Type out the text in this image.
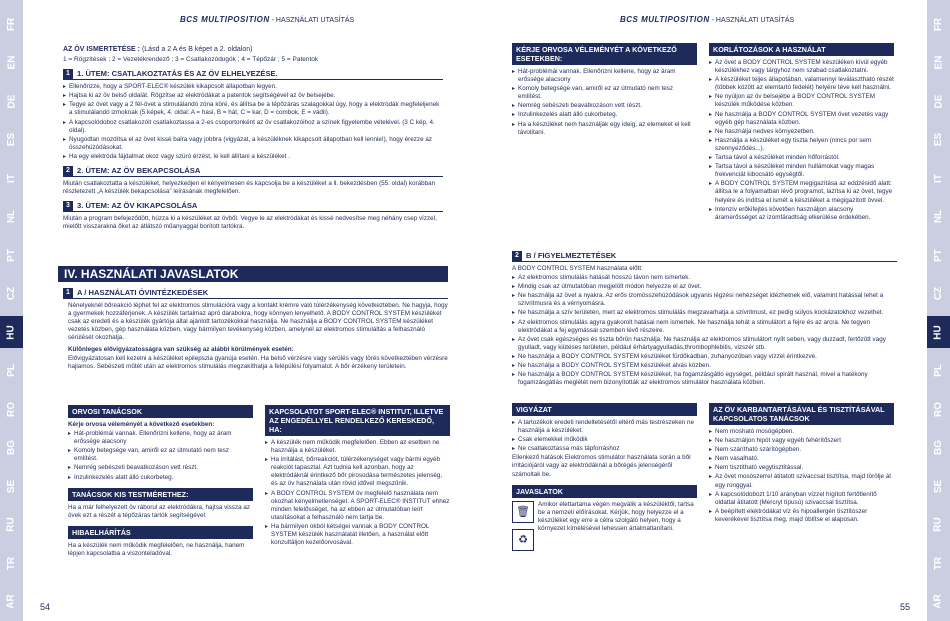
FR
EN
DE
ES
IT
NL
PT
CZ
HU
PL
RO
BG
SE
RU
TR
AR
FR
EN
DE
ES
IT
NL
PT
CZ
HU
PL
RO
BG
SE
RU
TR
AR
BCS MULTIPOSITION - HASZNÁLATI UTASÍTÁS	BCS MULTIPOSITION - HASZNÁLATI UTASÍTÁS
AZ ÖV ISMERTETÉSE : (Lásd a 2 A és B képet a 2. oldalon)
1 = Rögzítések ; 2 = Vezetékrendező ; 3 = Csatlakozódugók ; 4 = Tépőzár ; 5 = Patentok
1 1. ÜTEM: CSATLAKOZTATÁS ÉS AZ ÖV ELHELYEZÉSE.
▸ Ellenőrizze, hogy a SPORT-ELEC® készülék kikapcsolt állapotban legyen.
▸ Hajtsa ki az öv belső oldalát. Rögzítse az elektródákat a patentok segítségével az öv belsejébe.
▸ Tegye az övet vagy a 2 fél-övet a stimulálandó zóna köré, és állítsa be a tépőzáras szalagokkal úgy, hogy a elektródák megfeleljenek a stimulálandó izmoknak (5 képek, 4. oldal: A = hasi, B = hát, C = kar, D = combok, E = vádli).
▸ A kapcsolódoboz csatlakozóit csatlakoztassa a 2-es csoportonként az öv csatlakozóihoz a színek figyelembe vételével. (3 C kép, 4. oldal).
▸ Nyugodtan mozdítsa el az övet kissé balra vagy jobbra (vigyázat, a készüléknek kikapcsolt állapotban kell lennie!), hogy érezze az összehúzódásokat.
▸ Ha egy elektróda fájdalmat okoz vagy szúró érzést, le kell állítani a készüléket .
2 2. ÜTEM: AZ ÖV BEKAPCSOLÁSA

Miután csatlakoztatta a készüléket, helyezkedjen el kényelmesen és kapcsolja be a készüléket a ll. bekezdésben (55. oldal) korábban részletezett „A készülék bekapcsolása" leírásának megfelelően.

3 3. ÜTEM: AZ ÖV KIKAPCSOLÁSA

Miután a program befejeződött, húzza ki a készüléket az övből. Vegye le az elektródákat és kissé nedvesítse meg néhány csep vízzel, mielőtt visszarakná őket az átlátszó műanyaggal borított tartókra.

IV. HASZNÁLATI JAVASLATOK
1 A / HASZNÁLATI ÓVINTÉZKEDÉSEK

Nénelyeknél bőreakció léphet fel az elektromos stimulációra vagy a kontakt krémre való túlérzékenység következtében. Ne hagyja, hogy a gyermekek hozzáférjenek. A készülék tartalmaz apró darabokra, hogy könnyen lenyelhető. A BODY CONTROL SYSTEM készüléket csak az eredeti és a készülék gyártója által ajánlott tartozékokkal használja. Ne használja a BODY CONTROL SYSTEM készüléket vezetés közben, gép használata közben, vagy bármilyen tevékenység közben, amelynél az elektromos stimuláltás a felhasználó sérülését okozhatja.

Különleges elővigyázatosságra van szükség az alábbi körülmények esetén:

Elővigyázatosan kell kezelni a készüléket epilepszia gyanúja esetén. Ha belső vérzésre vagy sérülés vagy törés következtében vérzésre hajlamos. Sebészeti műtét után az elektromos stimulálás megzakíthatja a felépülési folyamatot. A bőr érzékeny területein.

ORVOSI TANÁCSOK

Kérje orvosa véleményét a következő esetekben:

▸ Hát-problémái vannak. Ellenőrizni kellene, hogy az áram erőssége alacsony
▸ Komoly betegsége van, amiről ez az útmutató nem tesz említést.
▸ Nemrég sebészeti beavatkozáson vett részt.
▸ Inzulinkezelés alatt álló cukorbeteg.
TANÁCSOK KIS TESTMÉRETHEZ:

Ha a már felhelyezett öv ráborul az elektródákra, hajtsa vissza az övek ezt a részét a tépőzáras tartók segítségével.

HIBAELHÁRÍTÁS

Ha a készülék nem működik megfelelően, ne használja, hanem lépjen kapcsolatba a viszonteladóval.

KAPCSOLATOT SPORT-ELEC® INSTITUT, ILLETVE AZ ENGEDÉLLYEL RENDELKEZŐ KERESKEDŐ, HA:
▸ A készülék nem működik megfelelően. Ebben az esetben ne használja a készüléket.
▸ Ha irritálást, bőrreakciót, túlérzékenységet vagy bármi egyéb reakciót tapasztal. Azt tudnia kell azonban, hogy az elektródáknál érintkező bőr pirosodása természetes jelenség, és az öv használata után rövid időveI megszűnik.
▸ A BODY CONTROL SYSTEM öv megfelelő használata nem okozhat kényelmetlenséget. A SPORT-ELEC® INSTITUT ehhez minden felelősséget, ha az ebben az útmutatóban leírt utasításokat a felhasználó nem tartja be.
▸ Ha bármilyen okból kétségei vannak a BODY CONTROL SYSTEM készülék használatát illetően, a használat előtt konzultáljon kezelőorvosával.
KÉRJE ORVOSA VÉLEMÉNYÉT A KÖVETKEZŐ ESETEKBEN:
▸ Hát-problémái vannak. Ellenőrizni kellene, hogy az áram erőssége alacsony
▸ Komoly betegsége van, amiről ez az útmutató nem tesz említést.
▸ Nemrég sebészeti beavatkozáson vett részt.
▸ Inzulinkezelés alatt álló cukorbeteg.
▸ Ha a készüléket nem használják egy ideig, az elemeket el kell távolítani.
KORLÁTOZÁSOK A HASZNÁLAT
▸ Az övet a BODY CONTROL SYSTEM készüléken kívül egyéb készülékhez vagy tárgyhoz nem szabad csatlakoztatni.
▸ A készüléket teljes állapotában, valamennyi leválasztható részét (többek között az elemtartó fedelét) helyére téve kell használni.
▸ Ne nyúljon az öv belsejébe a BODY CONTROL SYSTEM készülék működése közben.
▸ Ne használja a BODY CONTROL SYSTEM övet vezetés vagy egyéb gép használata közben.
▸ Ne használja nedves környezetben.
▸ Használja a készüléket egy tiszta helyen (nincs por sem szennyeződés...).
▸ Tartsa távol a készüléket minden hőforrástól.
▸ Tartsa távol a készüléket minden hullámokat vagy magas frekvenciát kibocsátó egységtől.
▸ A BODY CONTROL SYSTEM megigazítása az eddzésidő alatt: állítsa le a folyamatban lévő programot, lazítsa ki az övet, tegye helyére és indítsa el ismét a készüléket a megigazított övvel.
▸ Intenzív erőkifejtés követően használjon alacsony áramerősséget az izomfáradtság elkerülése érdekében.
2 B / FIGYELMEZTETÉSEK

A BODY CONTROL SYSTEM használata előtt:

▸ Az elektromos stimulálás hatását hosszú távon nem ismertek.
▸ Mindig csak az útmutatóban megjelölt módon helyezze el az övet.
▸ Ne használja az övet a nyakra. Az erős izomösszehúzódások ugyanis légzési nehézséget idézhetnek elő, valamint hatással lehet a szívritmusra és a vérnyomásra.
▸ Ne használja a szív területén, mert az elektromos stimulálás megzavarhatja a szívritmust, ez pedig súlyos kockázatokhoz vezethet.
▸ Az elektromos stimulálás agyra gyakorolt hatásai nem ismertek. Ne használja tehát a stimulátort a fejre és az arcra. Ne tegyen elektródákat a fej egymással szemben lévő részeire.
▸ Az övet csak egészséges és tiszta bőrön használja. Ne használja az elektromos stimulátort nyílt seben, vagy duzzadt, fertőzött vagy gyulladt, vagy kiütéses területen, például érhártyagyulladás,thrombophlebitis, vizszér stb.
▸ Ne használja a BODY CONTROL SYSTEM készüléket fürdőkádban, zuhanyozóban vagy vízzel érintkezve.
▸ Ne használja a BODY CONTROL SYSTEM készüléket alvás közben.
▸ Ne használja a BODY CONTROL SYSTEM készüléket, ha fogamzásgátló egységet, például spirált használ, mivel a hatékony fogamzásgátlás meglétét nem bizonyították az elektromos stimulátor használata közben.
VIGYÁZAT
▸ A tartozékok eredeti rendeltetésétől eltérő más testrészeken ne használja a készüléket.
▸ Csak elemekkel működik
▸ Ne csatlakoztassa más tápforráshoz

Ellenkező hatások Elektromos stimulátor használata során a bőr irritációjáról vagy az elektródáknál a bőrégés jelenségéről számoltak be.

JAVASLATOK
🗑
♻

Amikor élettartama végén megválik a készüléktől, tartsa be a nemzeti előírásokat. Kérjük, hogy helyezze el a készüléket egy erre a célra szolgáló helyen, hogy a környezet kímélésével lehessen ártalmatlanítani.

AZ ÖV KARBANTARTÁSÁVAL ÉS TISZTÍTÁSÁVAL KAPCSOLATOS TANÁCSOK
▸ Nem mosható mosógépben.
▸ Ne használjon hipót vagy egyéb fehérítőszert
▸ Nem szárítható szárítógépben.
▸ Nem vasalható.
▸ Nem tisztítható vegytisztítással.
▸ Az övet mosószerrel átitatott szivaccsal tisztítsa, majd törölje át egy ronggyal.
▸ A kapcsolódobozt 1/10 arányban vízzel hígított fertőtlenítő oldattal átitatott (Mercryl típusú) szivaccsal tisztítsa.
▸ A beépített elektródákat víz és hipoallergén tisztítószer keverékével tisztítsa meg, majd öblítse el alaposan.
54	55
